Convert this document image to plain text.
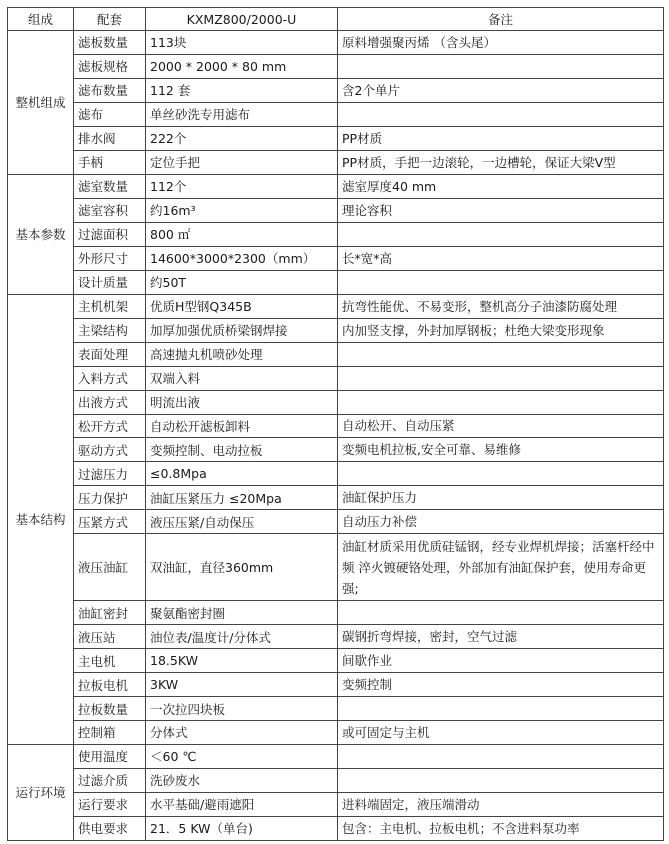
组成	配套	KXMZ800/2000-U	备注
整机组成	滤板数量	113块	原料增强聚丙烯 （含头尾）
	滤板规格	2000 * 2000 * 80 mm	
	滤布数量	112 套	含2个单片
	滤布	单丝砂洗专用滤布	
	排水阀	222个	PP材质
	手柄	定位手把	PP材质，手把一边滚轮，一边槽轮，保证大梁V型
基本参数	滤室数量	112个	滤室厚度40 mm
	滤室容积	约16m³	理论容积
	过滤面积	800 ㎡	
	外形尺寸	14600*3000*2300（mm）	长*宽*高
	设计质量	约50T	
基本结构	主机机架	优质H型钢Q345B	抗弯性能优、不易变形，整机高分子油漆防腐处理
	主梁结构	加厚加强优质桥梁钢焊接	内加竖支撑，外封加厚钢板；杜绝大梁变形现象
	表面处理	高速抛丸机喷砂处理	
	入料方式	双端入料	
	出液方式	明流出液	
	松开方式	自动松开滤板卸料	自动松开、自动压紧
	驱动方式	变频控制、电动拉板	变频电机拉板,安全可靠、易维修
	过滤压力	≤0.8Mpa	
	压力保护	油缸压紧压力 ≤20Mpa	油缸保护压力
	压紧方式	液压压紧/自动保压	自动压力补偿
	液压油缸	双油缸，直径360mm	油缸材质采用优质硅锰钢，经专业焊机焊接；活塞杆经中频 淬火镀硬铬处理，外部加有油缸保护套，使用寿命更强;
	油缸密封	聚氨酯密封圈	
	液压站	油位表/温度计/分体式	碳钢折弯焊接，密封，空气过滤
	主电机	18.5KW	间歇作业
	拉板电机	3KW	变频控制
	拉板数量	一次拉四块板	
	控制箱	分体式	或可固定与主机
运行环境	使用温度	＜60 ℃	
	过滤介质	洗砂废水	
	运行要求	水平基础/避雨遮阳	进料端固定，液压端滑动
	供电要求	21．5 KW（单台)	包含：主电机、拉板电机；不含进料泵功率
